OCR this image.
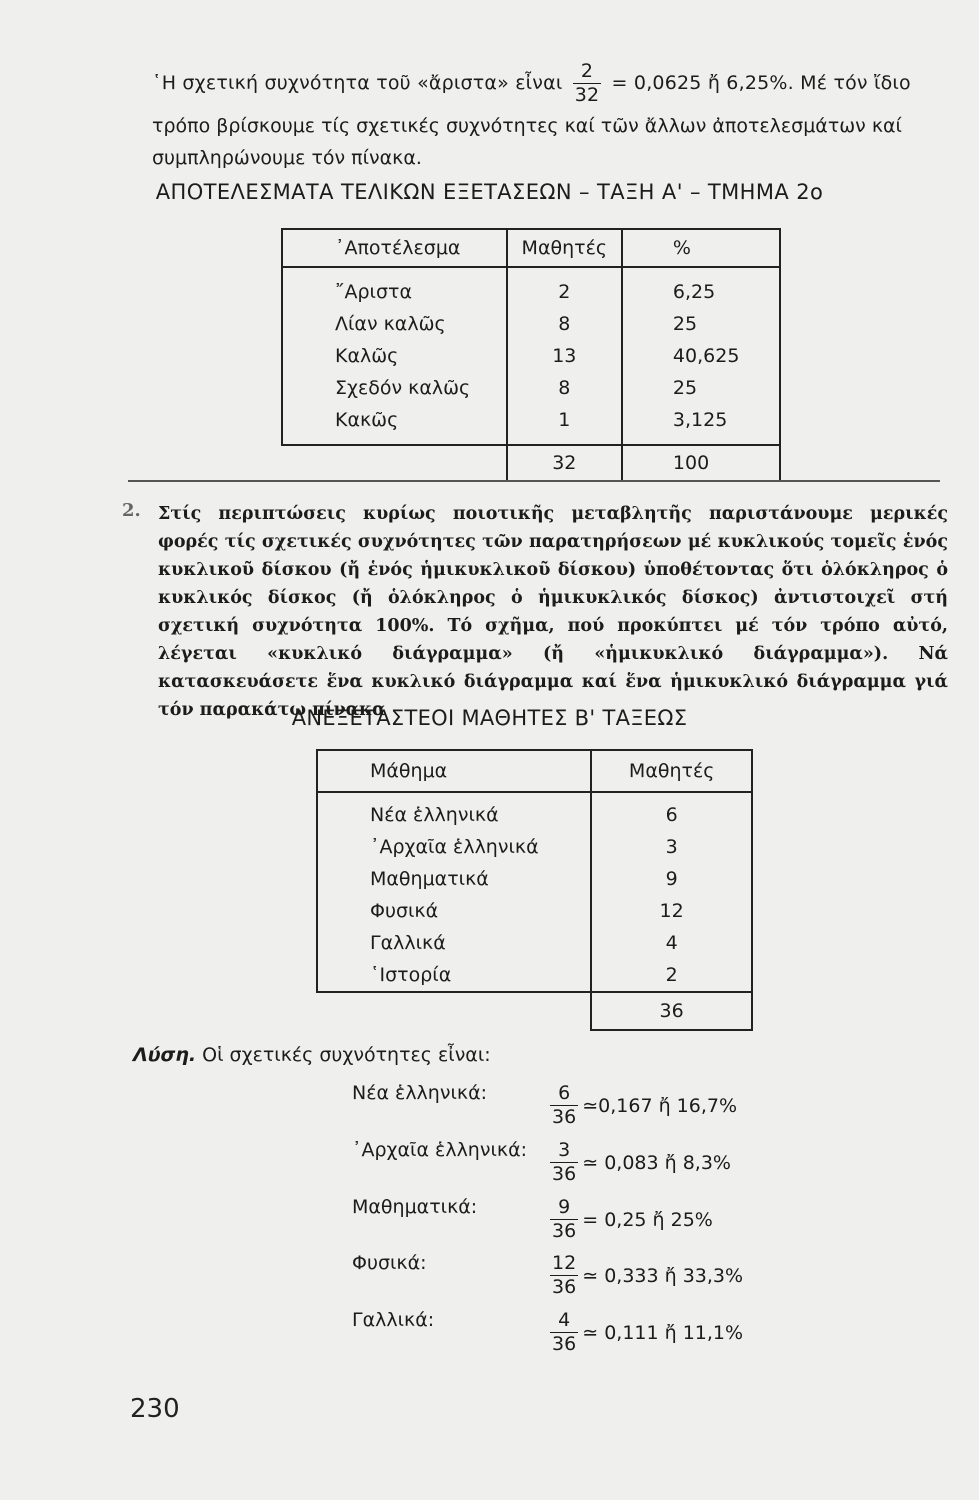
῾Η σχετική συχνότητα τοῦ «ἄριστα» εἶναι $\frac{2}{32} = 0,0625$ ἤ 6,25%. Μέ τόν ἴδιο
τρόπο βρίσκουμε τίς σχετικές συχνότητες καί τῶν ἄλλων ἀποτελεσμάτων καί συμπληρώνουμε τόν πίνακα.
ΑΠΟΤΕΛΕΣΜΑΤΑ ΤΕΛΙΚΩΝ ΕΞΕΤΑΣΕΩΝ – ΤΑΞΗ Α' – ΤΜΗΜΑ 2ο
᾿Αποτέλεσμα	Μαθητές	%
῎Αριστα	2	6,25
Λίαν καλῶς	8	25
Καλῶς	13	40,625
Σχεδόν καλῶς	8	25
Κακῶς	1	3,125
	32	100
2. Στίς περιπτώσεις κυρίως ποιοτικῆς μεταβλητῆς παριστάνουμε μερικές φορές τίς σχετικές συχνότητες τῶν παρατηρήσεων μέ κυκλικούς τομεῖς ἑνός κυκλικοῦ δίσκου (ἤ ἑνός ἡμικυκλικοῦ δίσκου) ὑποθέτοντας ὅτι ὁλόκληρος ὁ κυκλικός δίσκος (ἤ ὁλόκληρος ὁ ἡμικυκλικός δίσκος) ἀντιστοιχεῖ στή σχετική συχνότητα 100%. Τό σχῆμα, πού προκύπτει μέ τόν τρόπο αὐτό, λέγεται «κυκλικό διάγραμμα» (ἤ «ἡμικυκλικό διάγραμμα»). Νά κατασκευάσετε ἕνα κυκλικό διάγραμμα καί ἕνα ἡμικυκλικό διάγραμμα γιά τόν παρακάτω πίνακα
ΑΝΕΞΕΤΑΣΤΕΟΙ ΜΑΘΗΤΕΣ Β' ΤΑΞΕΩΣ
Μάθημα	Μαθητές
Νέα ἑλληνικά	6
᾿Αρχαῖα ἑλληνικά	3
Μαθηματικά	9
Φυσικά	12
Γαλλικά	4
῾Ιστορία	2
	36
Λύση. Οἱ σχετικές συχνότητες εἶναι:
Νέα ἑλληνικά:	$\frac{6}{36}$ ≃0,167 ἤ 16,7%
᾿Αρχαῖα ἑλληνικά: $\frac{3}{36}$ ≃ 0,083 ἤ 8,3%
Μαθηματικά:	$\frac{9}{36} = 0,25$ ἤ 25%
Φυσικά:	$\frac{12}{36}$ ≃ 0,333 ἤ 33,3%
Γαλλικά:	$\frac{4}{36}$ ≃ 0,111 ἤ 11,1%
230
